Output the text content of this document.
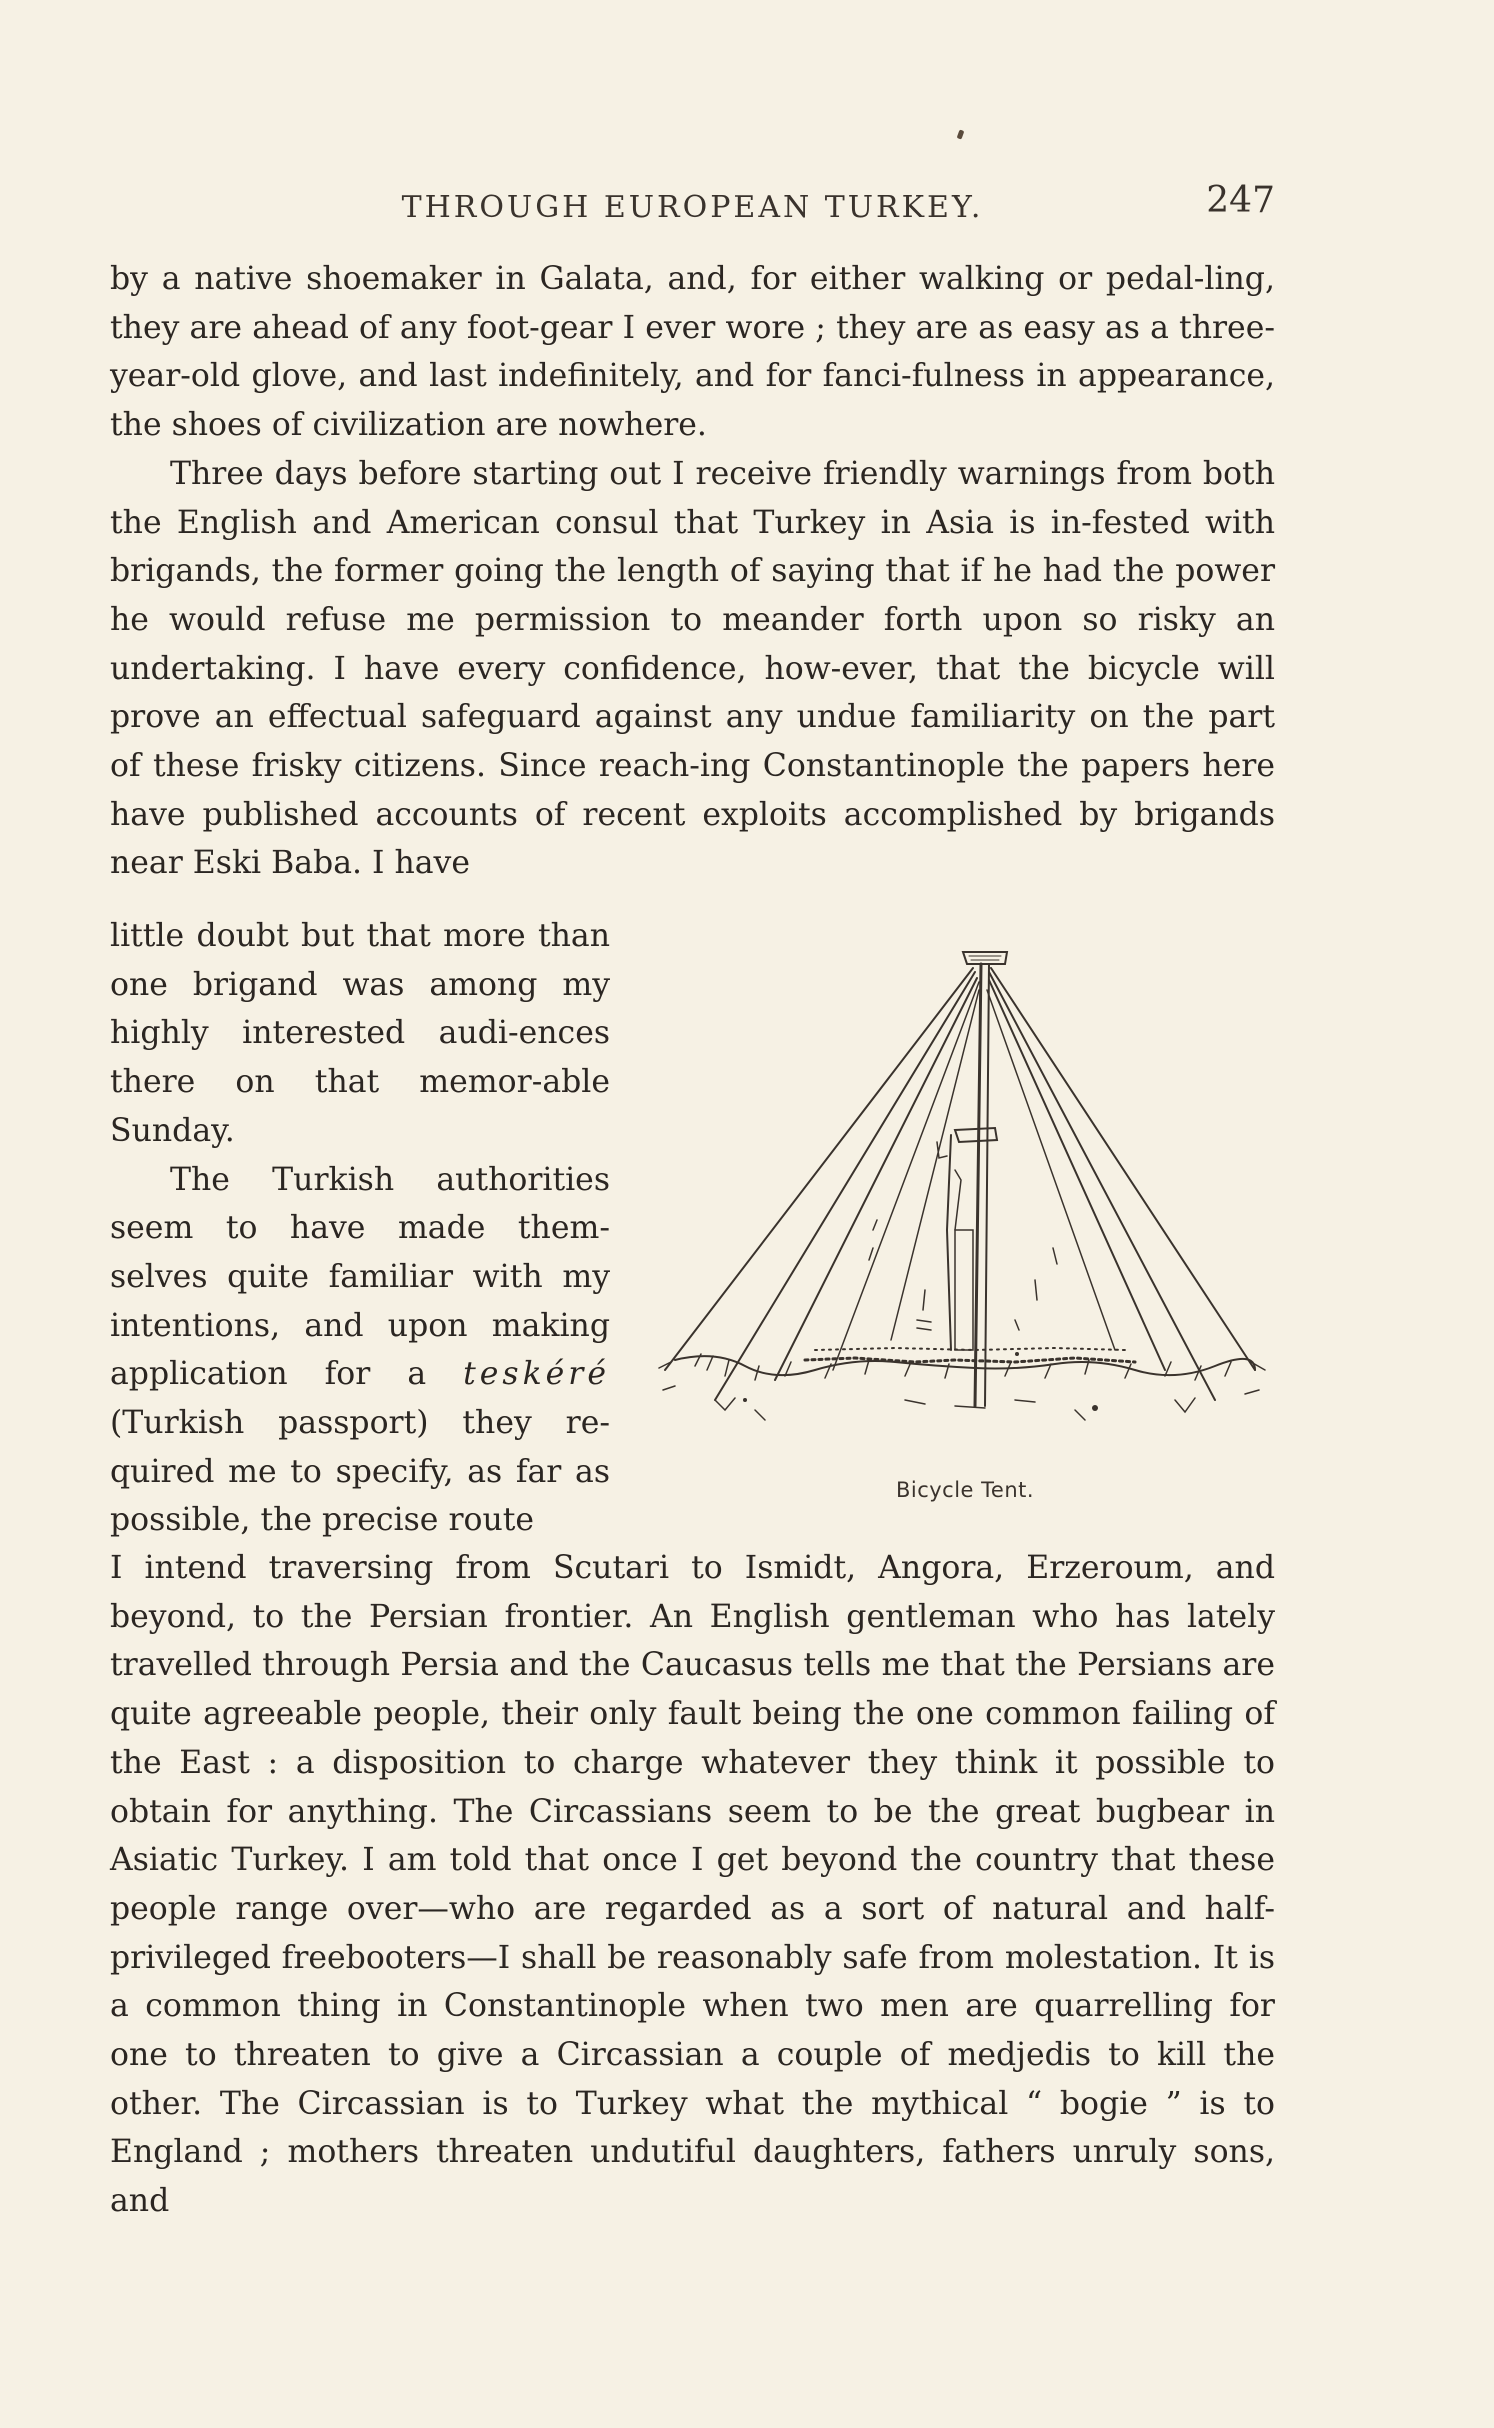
THROUGH EUROPEAN TURKEY.	247

by a native shoemaker in Galata, and, for either walking or pedal-ling, they are ahead of any foot-gear I ever wore ; they are as easy as a three-year-old glove, and last indefinitely, and for fanci-fulness in appearance, the shoes of civilization are nowhere.

Three days before starting out I receive friendly warnings from both the English and American consul that Turkey in Asia is in-fested with brigands, the former going the length of saying that if he had the power he would refuse me permission to meander forth upon so risky an undertaking. I have every confidence, how-ever, that the bicycle will prove an effectual safeguard against any undue familiarity on the part of these frisky citizens. Since reach-ing Constantinople the papers here have published accounts of recent exploits accomplished by brigands near Eski Baba. I have

little doubt but that more than one brigand was among my highly interested audi-ences there on that memor-able Sunday.

The Turkish authorities seem to have made them-selves quite familiar with my intentions, and upon making application for a teskéré (Turkish passport) they re-quired me to specify, as far as possible, the precise route

Bicycle Tent.

I intend traversing from Scutari to Ismidt, Angora, Erzeroum, and beyond, to the Persian frontier. An English gentleman who has lately travelled through Persia and the Caucasus tells me that the Persians are quite agreeable people, their only fault being the one common failing of the East : a disposition to charge whatever they think it possible to obtain for anything. The Circassians seem to be the great bugbear in Asiatic Turkey. I am told that once I get beyond the country that these people range over—who are regarded as a sort of natural and half-privileged freebooters—I shall be reasonably safe from molestation. It is a common thing in Constantinople when two men are quarrelling for one to threaten to give a Circassian a couple of medjedis to kill the other. The Circassian is to Turkey what the mythical “ bogie ” is to England ; mothers threaten undutiful daughters, fathers unruly sons, and
